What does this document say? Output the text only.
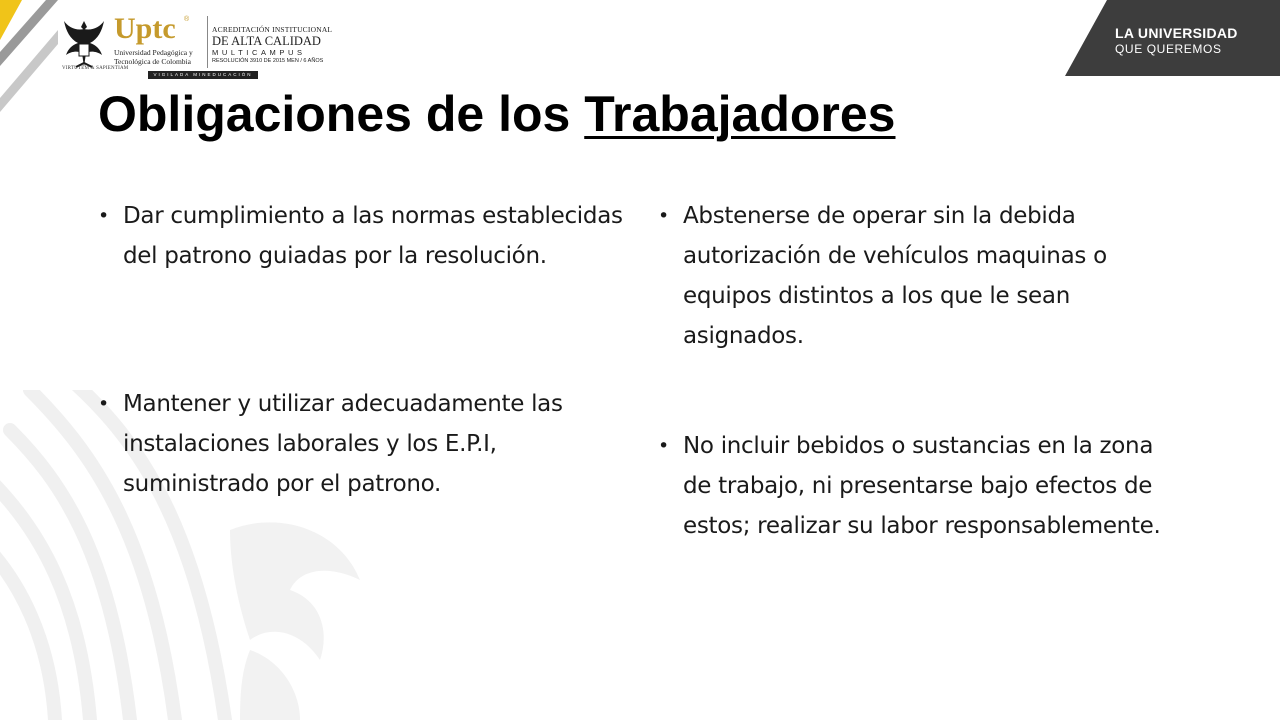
VIRTUTEM & SAPIENTIAM
Uptc ®
Universidad Pedagógica y
Tecnológica de Colombia
ACREDITACIÓN INSTITUCIONAL
DE ALTA CALIDAD
MULTICAMPUS
RESOLUCIÓN 3910 DE 2015 MEN / 6 AÑOS
VIGILADA MINEDUCACIÓN
LA UNIVERSIDAD
QUE QUEREMOS
Obligaciones de los Trabajadores
• Dar cumplimiento a las normas establecidas del patrono guiadas por la resolución.
• Mantener y utilizar adecuadamente las instalaciones laborales y los E.P.I, suministrado por el patrono.
• Abstenerse de operar sin la debida autorización de vehículos maquinas o equipos distintos a los que le sean asignados.
• No incluir bebidos o sustancias en la zona de trabajo, ni presentarse bajo efectos de estos; realizar su labor responsablemente.
